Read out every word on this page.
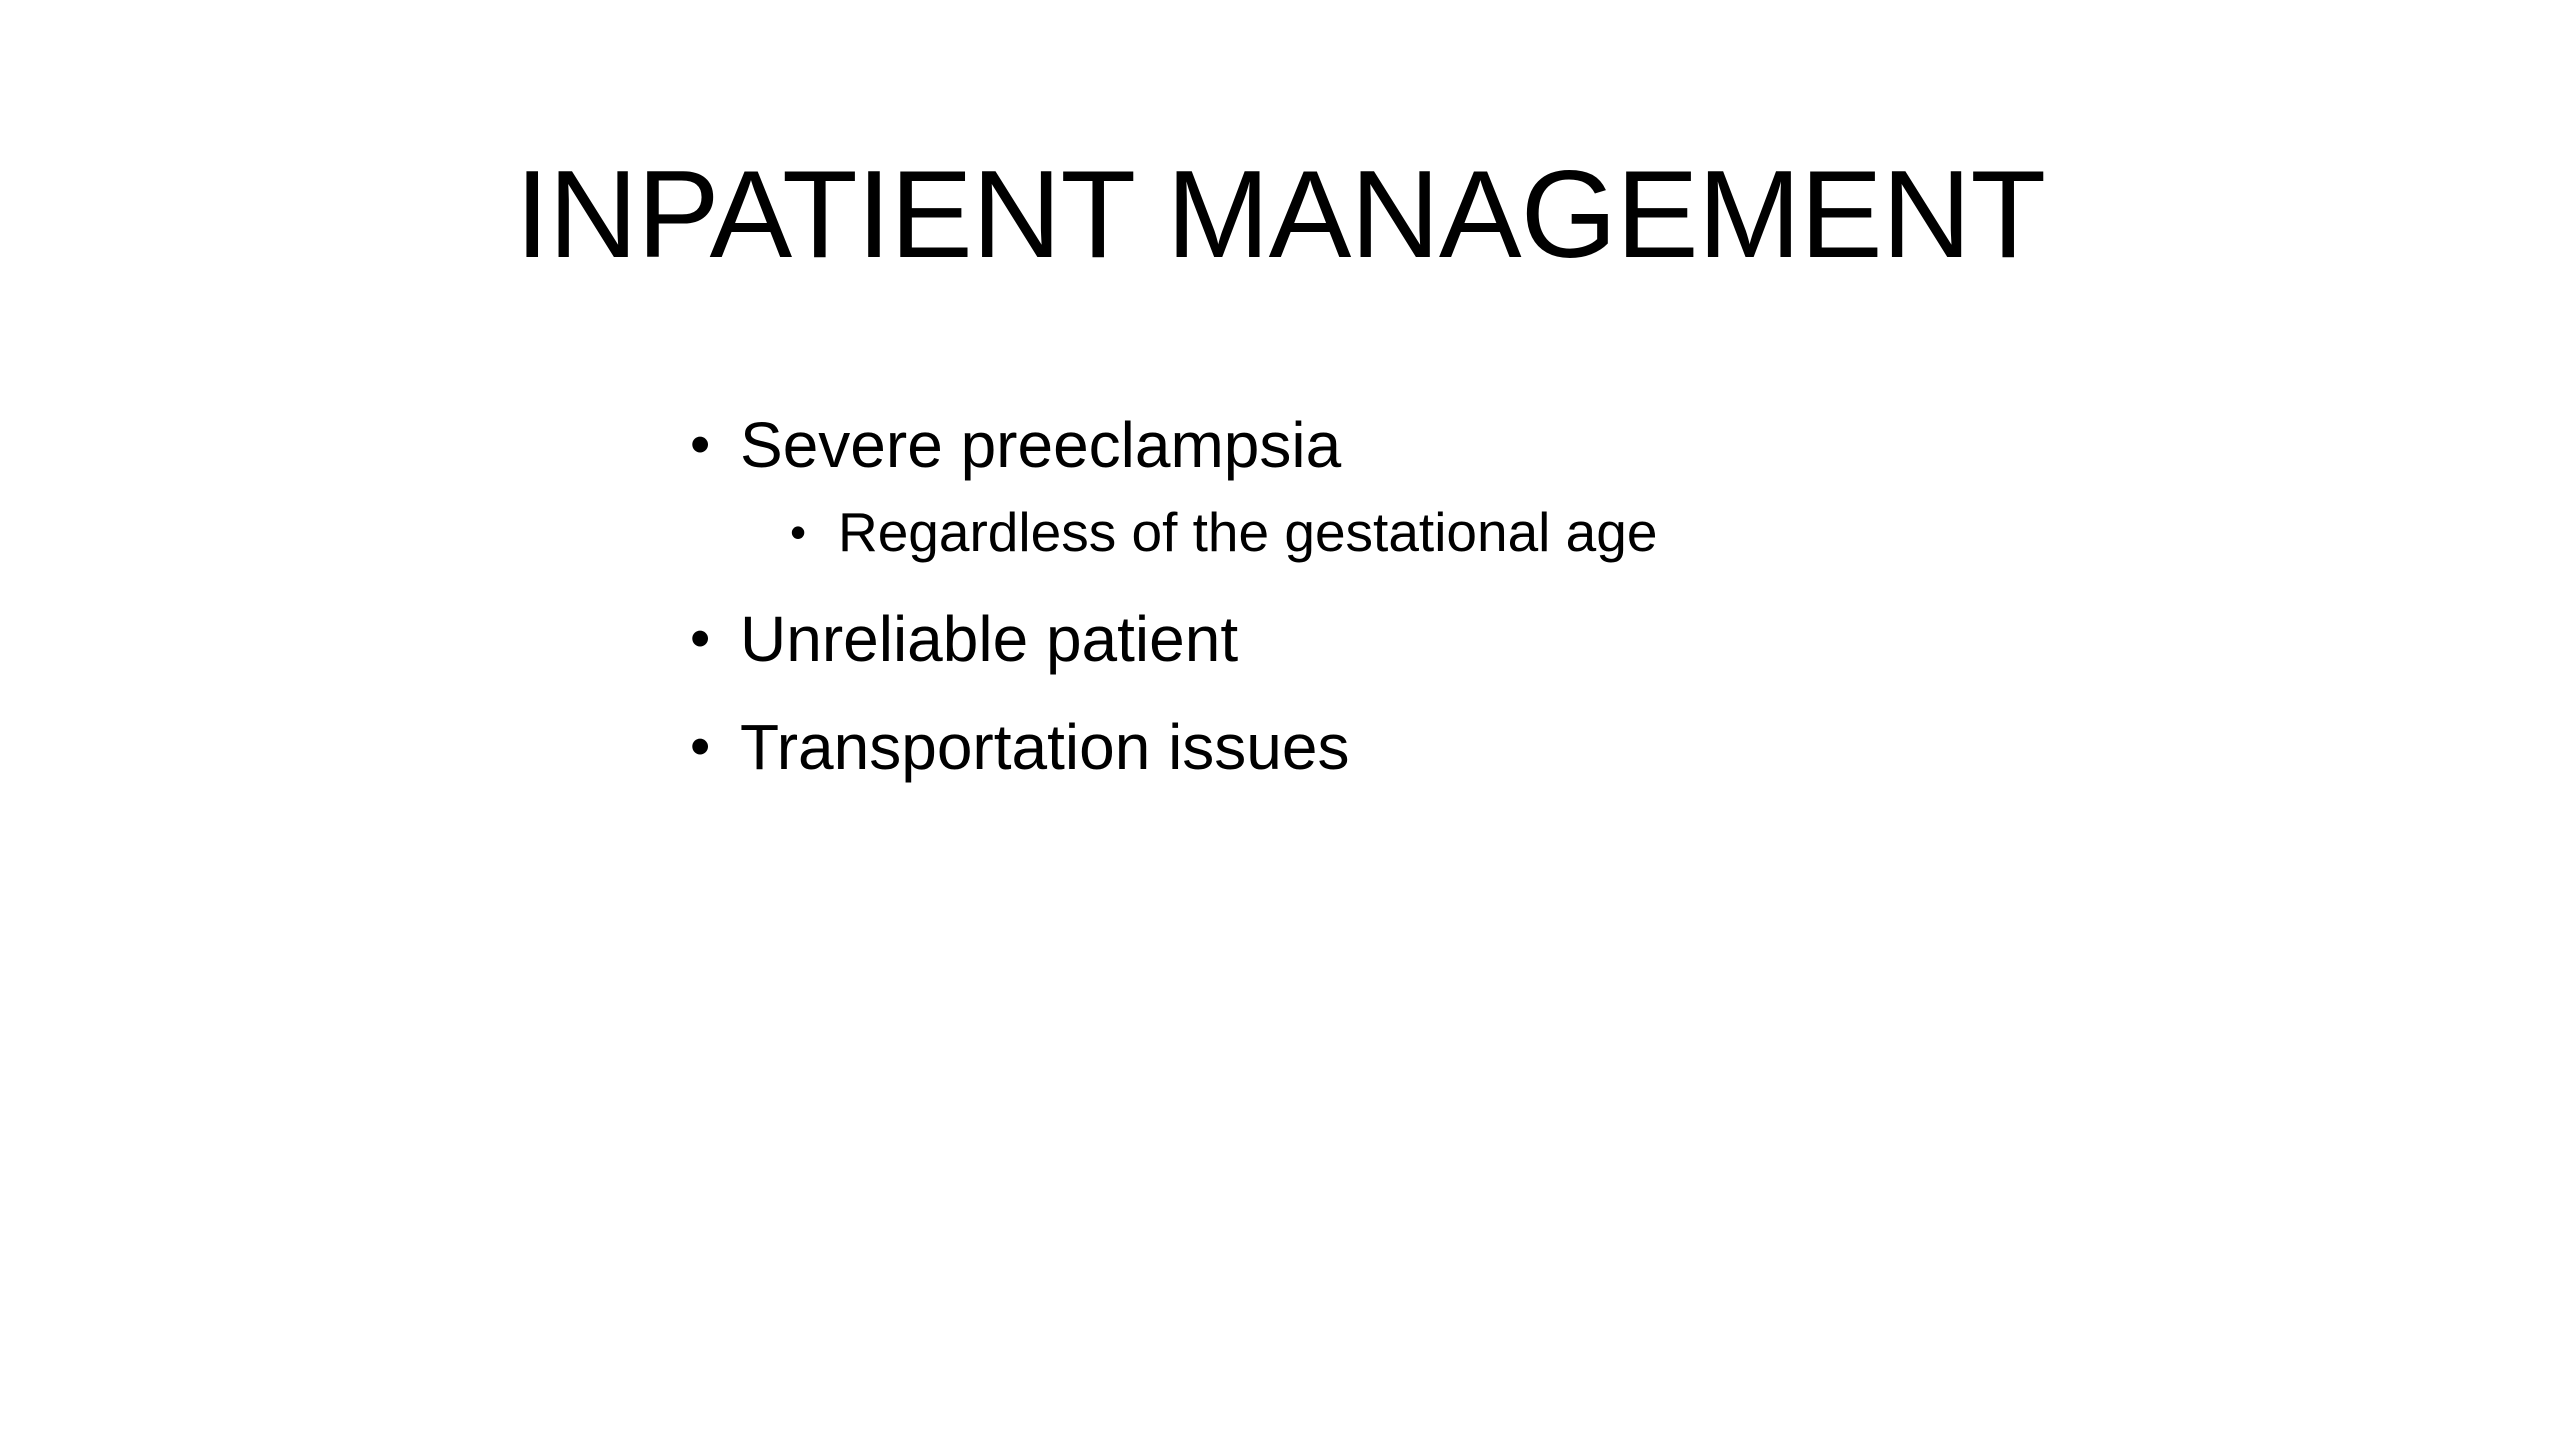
INPATIENT MANAGEMENT
• Severe preeclampsia
• Regardless of the gestational age
• Unreliable patient
• Transportation issues
